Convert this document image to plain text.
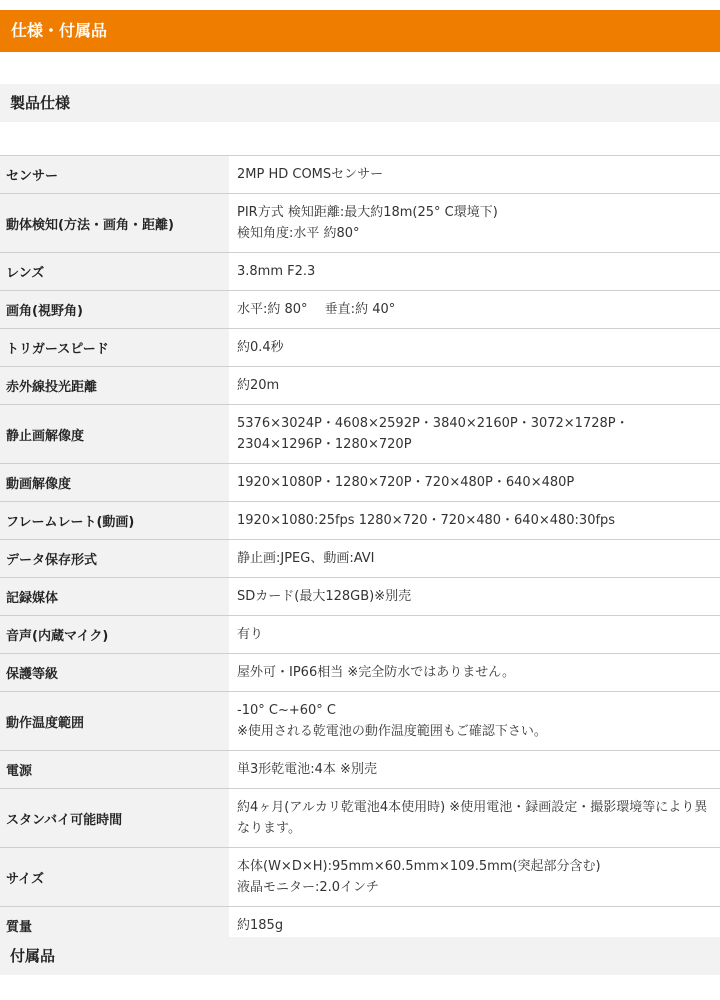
仕様・付属品
製品仕様
センサー	2MP HD COMSセンサー

動体検知(方法・画角・距離)	PIR方式 検知距離:最大約18m(25° C環境下)
検知角度:水平 約80°

レンズ	3.8mm F2.3

画角(視野角)	水平:約 80°　 垂直:約 40°

トリガースピード	約0.4秒

赤外線投光距離	約20m

静止画解像度	5376×3024P・4608×2592P・3840×2160P・3072×1728P・
2304×1296P・1280×720P

動画解像度	1920×1080P・1280×720P・720×480P・640×480P

フレームレート(動画)	1920×1080:25fps 1280×720・720×480・640×480:30fps

データ保存形式	静止画:JPEG、動画:AVI

記録媒体	SDカード(最大128GB)※別売

音声(内蔵マイク)	有り

保護等級	屋外可・IP66相当 ※完全防水ではありません。

動作温度範囲	-10° C~+60° C
※使用される乾電池の動作温度範囲もご確認下さい。

電源	単3形乾電池:4本 ※別売

スタンバイ可能時間	約4ヶ月(アルカリ乾電池4本使用時) ※使用電池・録画設定・撮影環境等により異なります。

サイズ	本体(W×D×H):95mm×60.5mm×109.5mm(突起部分含む)
液晶モニター:2.0インチ

質量	約185g
付属品
